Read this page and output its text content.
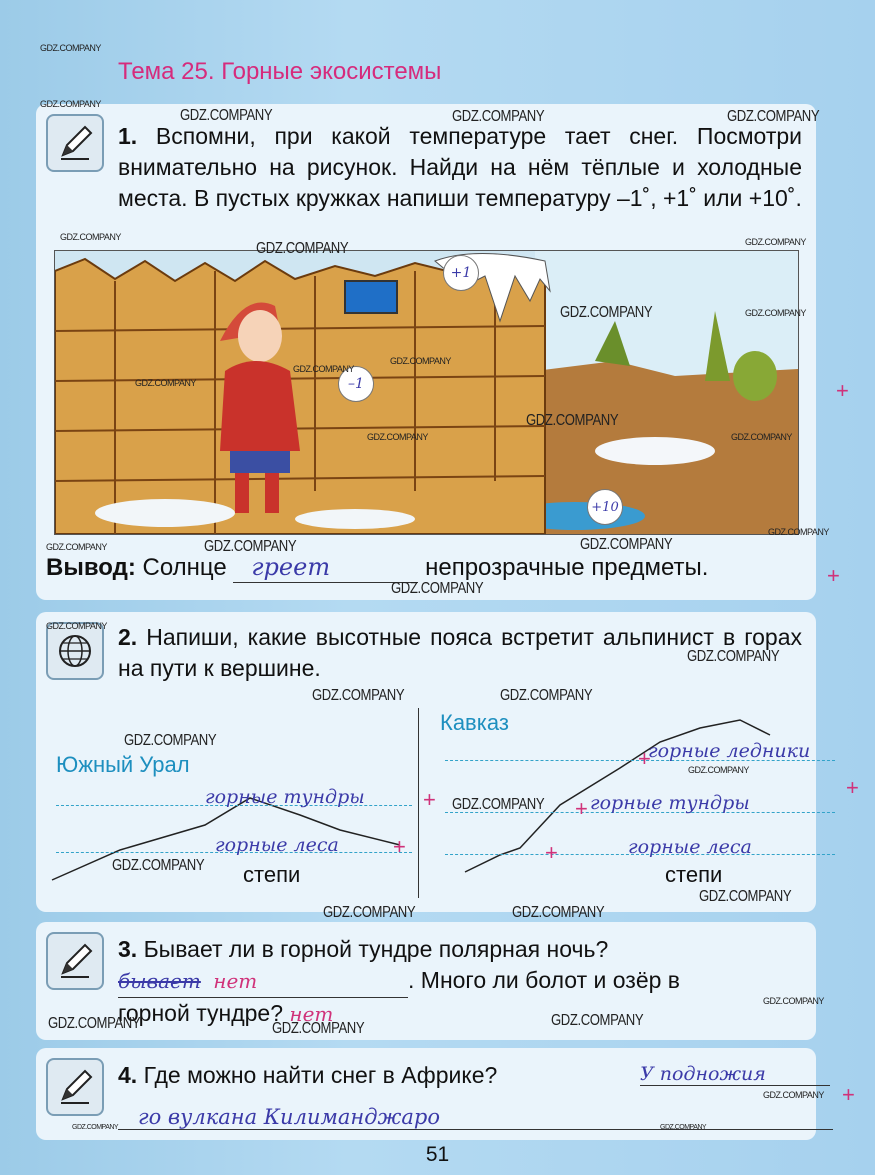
Тема 25. Горные экосистемы
1. Вспомни, при какой температуре тает снег. Посмотри внимательно на рисунок. Найди на нём тёплые и холодные места. В пустых кружках напиши температуру –1˚, +1˚ или +10˚.
+1
–1
+10
+
Вывод: Солнце греет	непрозрачные предметы.	+
2. Напиши, какие высотные пояса встретит альпинист в горах на пути к вершине.
Южный Урал
Кавказ
горные тундры
горные леса
степи
горные ледники
горные тундры
горные леса
степи
+
+
+
+
+
+
3. Бывает ли в горной тундре полярная ночь?
бывает нет	. Много ли болот и озёр в
горной тундре? нет
4. Где можно найти снег в Африке?	У подножия
го вулкана Килиманджаро
+
51
GDZ.COMPANY
GDZ.COMPANY
GDZ.COMPANY	GDZ.COMPANY	GDZ.COMPANY
GDZ.COMPANY
GDZ.COMPANY	GDZ.COMPANY
GDZ.COMPANY	GDZ.COMPANY
GDZ.COMPANY
GDZ.COMPANY
GDZ.COMPANY
GDZ.COMPANY
GDZ.COMPANY	GDZ.COMPANY
GDZ.COMPANY
GDZ.COMPANY	GDZ.COMPANY	GDZ.COMPANY
GDZ.COMPANY
GDZ.COMPANY
GDZ.COMPANY
GDZ.COMPANY	GDZ.COMPANY
GDZ.COMPANY
GDZ.COMPANY
GDZ.COMPANY
GDZ.COMPANY
GDZ.COMPANY
GDZ.COMPANY	GDZ.COMPANY
GDZ.COMPANY
GDZ.COMPANY	GDZ.COMPANY
GDZ.COMPANY
GDZ.COMPANY
GDZ.COMPANY	GDZ.COMPANY
